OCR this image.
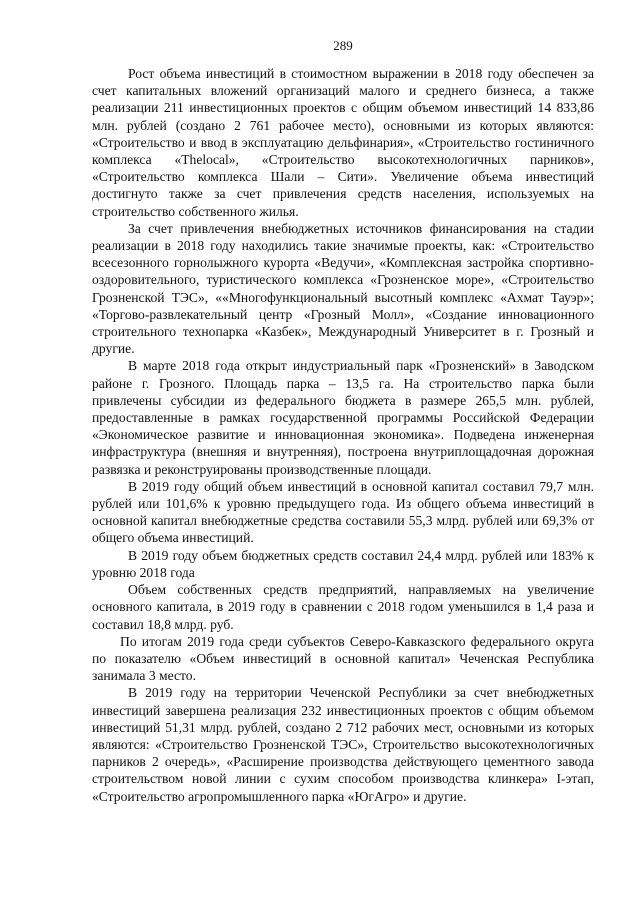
289

Рост объема инвестиций в стоимостном выражении в 2018 году обеспечен за счет капитальных вложений организаций малого и среднего бизнеса, а также реализации 211 инвестиционных проектов с общим объемом инвестиций 14 833,86 млн. рублей (создано 2 761 рабочее место), основными из которых являются: «Строительство и ввод в эксплуатацию дельфинария», «Строительство гостиничного комплекса «Thelocal», «Строительство высокотехнологичных парников», «Строительство комплекса Шали – Сити». Увеличение объема инвестиций достигнуто также за счет привлечения средств населения, используемых на строительство собственного жилья.

За счет привлечения внебюджетных источников финансирования на стадии реализации в 2018 году находились такие значимые проекты, как: «Строительство всесезонного горнолыжного курорта «Ведучи», «Комплексная застройка спортивно-оздоровительного, туристического комплекса «Грозненское море», «Строительство Грозненской ТЭС», ««Многофункциональный высотный комплекс «Ахмат Тауэр»; «Торгово-развлекательный центр «Грозный Молл», «Создание инновационного строительного технопарка «Казбек», Международный Университет в г. Грозный и другие.

В марте 2018 года открыт индустриальный парк «Грозненский» в Заводском районе г. Грозного. Площадь парка – 13,5 га. На строительство парка были привлечены субсидии из федерального бюджета в размере 265,5 млн. рублей, предоставленные в рамках государственной программы Российской Федерации «Экономическое развитие и инновационная экономика». Подведена инженерная инфраструктура (внешняя и внутренняя), построена внутриплощадочная дорожная развязка и реконструированы производственные площади.

В 2019 году общий объем инвестиций в основной капитал составил 79,7 млн. рублей или 101,6% к уровню предыдущего года. Из общего объема инвестиций в основной капитал внебюджетные средства составили 55,3 млрд. рублей или 69,3% от общего объема инвестиций.

В 2019 году объем бюджетных средств составил 24,4 млрд. рублей или 183% к уровню 2018 года

Объем собственных средств предприятий, направляемых на увеличение основного капитала, в 2019 году в сравнении с 2018 годом уменьшился в 1,4 раза и составил 18,8 млрд. руб.

По итогам 2019 года среди субъектов Северо-Кавказского федерального округа по показателю «Объем инвестиций в основной капитал» Чеченская Республика занимала 3 место.

В 2019 году на территории Чеченской Республики за счет внебюджетных инвестиций завершена реализация 232 инвестиционных проектов с общим объемом инвестиций 51,31 млрд. рублей, создано 2 712 рабочих мест, основными из которых являются: «Строительство Грозненской ТЭС», Строительство высокотехнологичных парников 2 очередь», «Расширение производства действующего цементного завода строительством новой линии с сухим способом производства клинкера» I-этап, «Строительство агропромышленного парка «ЮгАгро» и другие.
